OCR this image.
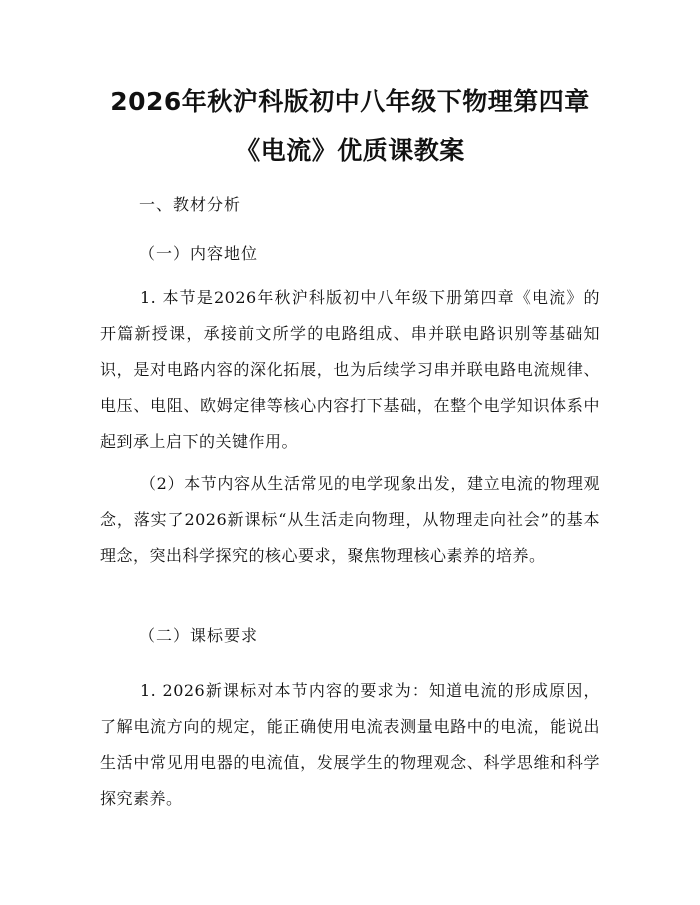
2026年秋沪科版初中八年级下物理第四章
《电流》优质课教案
一、教材分析
（一）内容地位
1. 本节是2026年秋沪科版初中八年级下册第四章《电流》的开篇新授课，承接前文所学的电路组成、串并联电路识别等基础知识，是对电路内容的深化拓展，也为后续学习串并联电路电流规律、电压、电阻、欧姆定律等核心内容打下基础，在整个电学知识体系中起到承上启下的关键作用。
（2）本节内容从生活常见的电学现象出发，建立电流的物理观念，落实了2026新课标“从生活走向物理，从物理走向社会”的基本理念，突出科学探究的核心要求，聚焦物理核心素养的培养。
（二）课标要求
1. 2026新课标对本节内容的要求为：知道电流的形成原因，了解电流方向的规定，能正确使用电流表测量电路中的电流，能说出生活中常见用电器的电流值，发展学生的物理观念、科学思维和科学探究素养。
